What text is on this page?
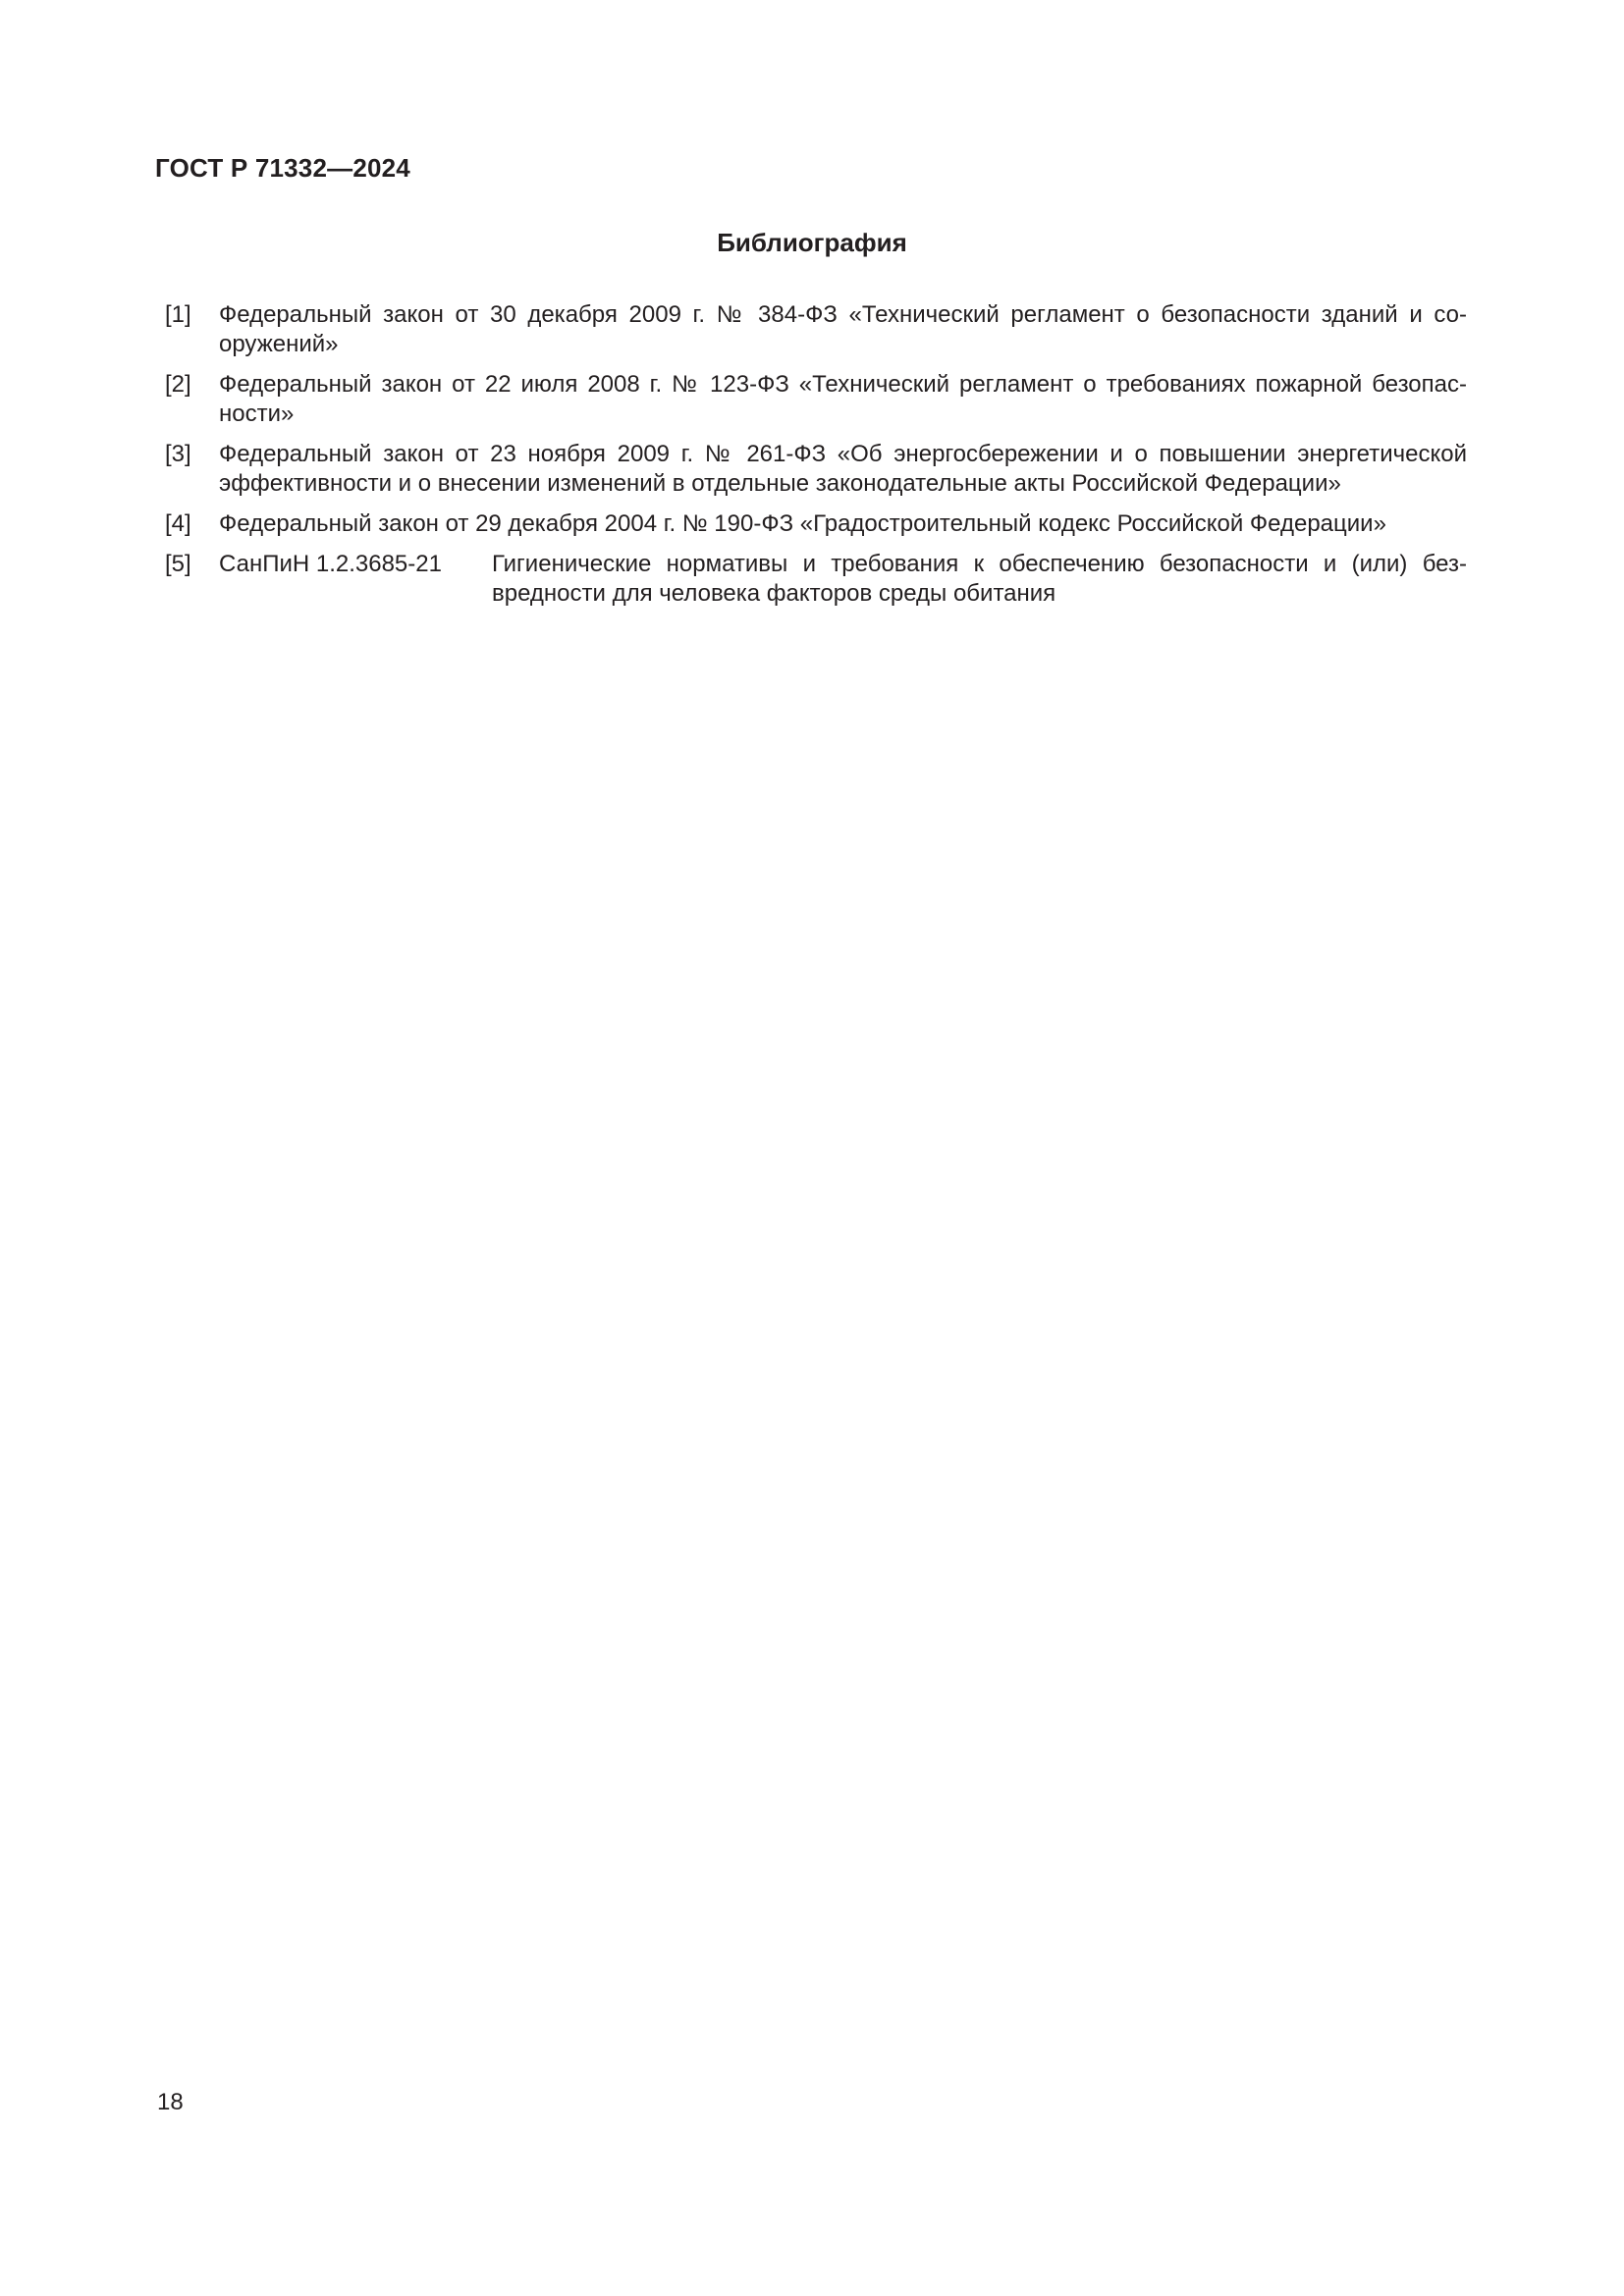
ГОСТ Р 71332—2024
Библиография
[1]	Федеральный закон от 30 декабря 2009 г. № 384-ФЗ «Технический регламент о безопасности зданий и сооружений»
[2]	Федеральный закон от 22 июля 2008 г. № 123-ФЗ «Технический регламент о требованиях пожарной безопасности»
[3]	Федеральный закон от 23 ноября 2009 г. № 261-ФЗ «Об энергосбережении и о повышении энергетической эффективности и о внесении изменений в отдельные законодательные акты Российской Федерации»
[4]	Федеральный закон от 29 декабря 2004 г. № 190-ФЗ «Градостроительный кодекс Российской Федерации»
[5]	СанПиН 1.2.3685-21	Гигиенические нормативы и требования к обеспечению безопасности и (или) безвредности для человека факторов среды обитания
18
